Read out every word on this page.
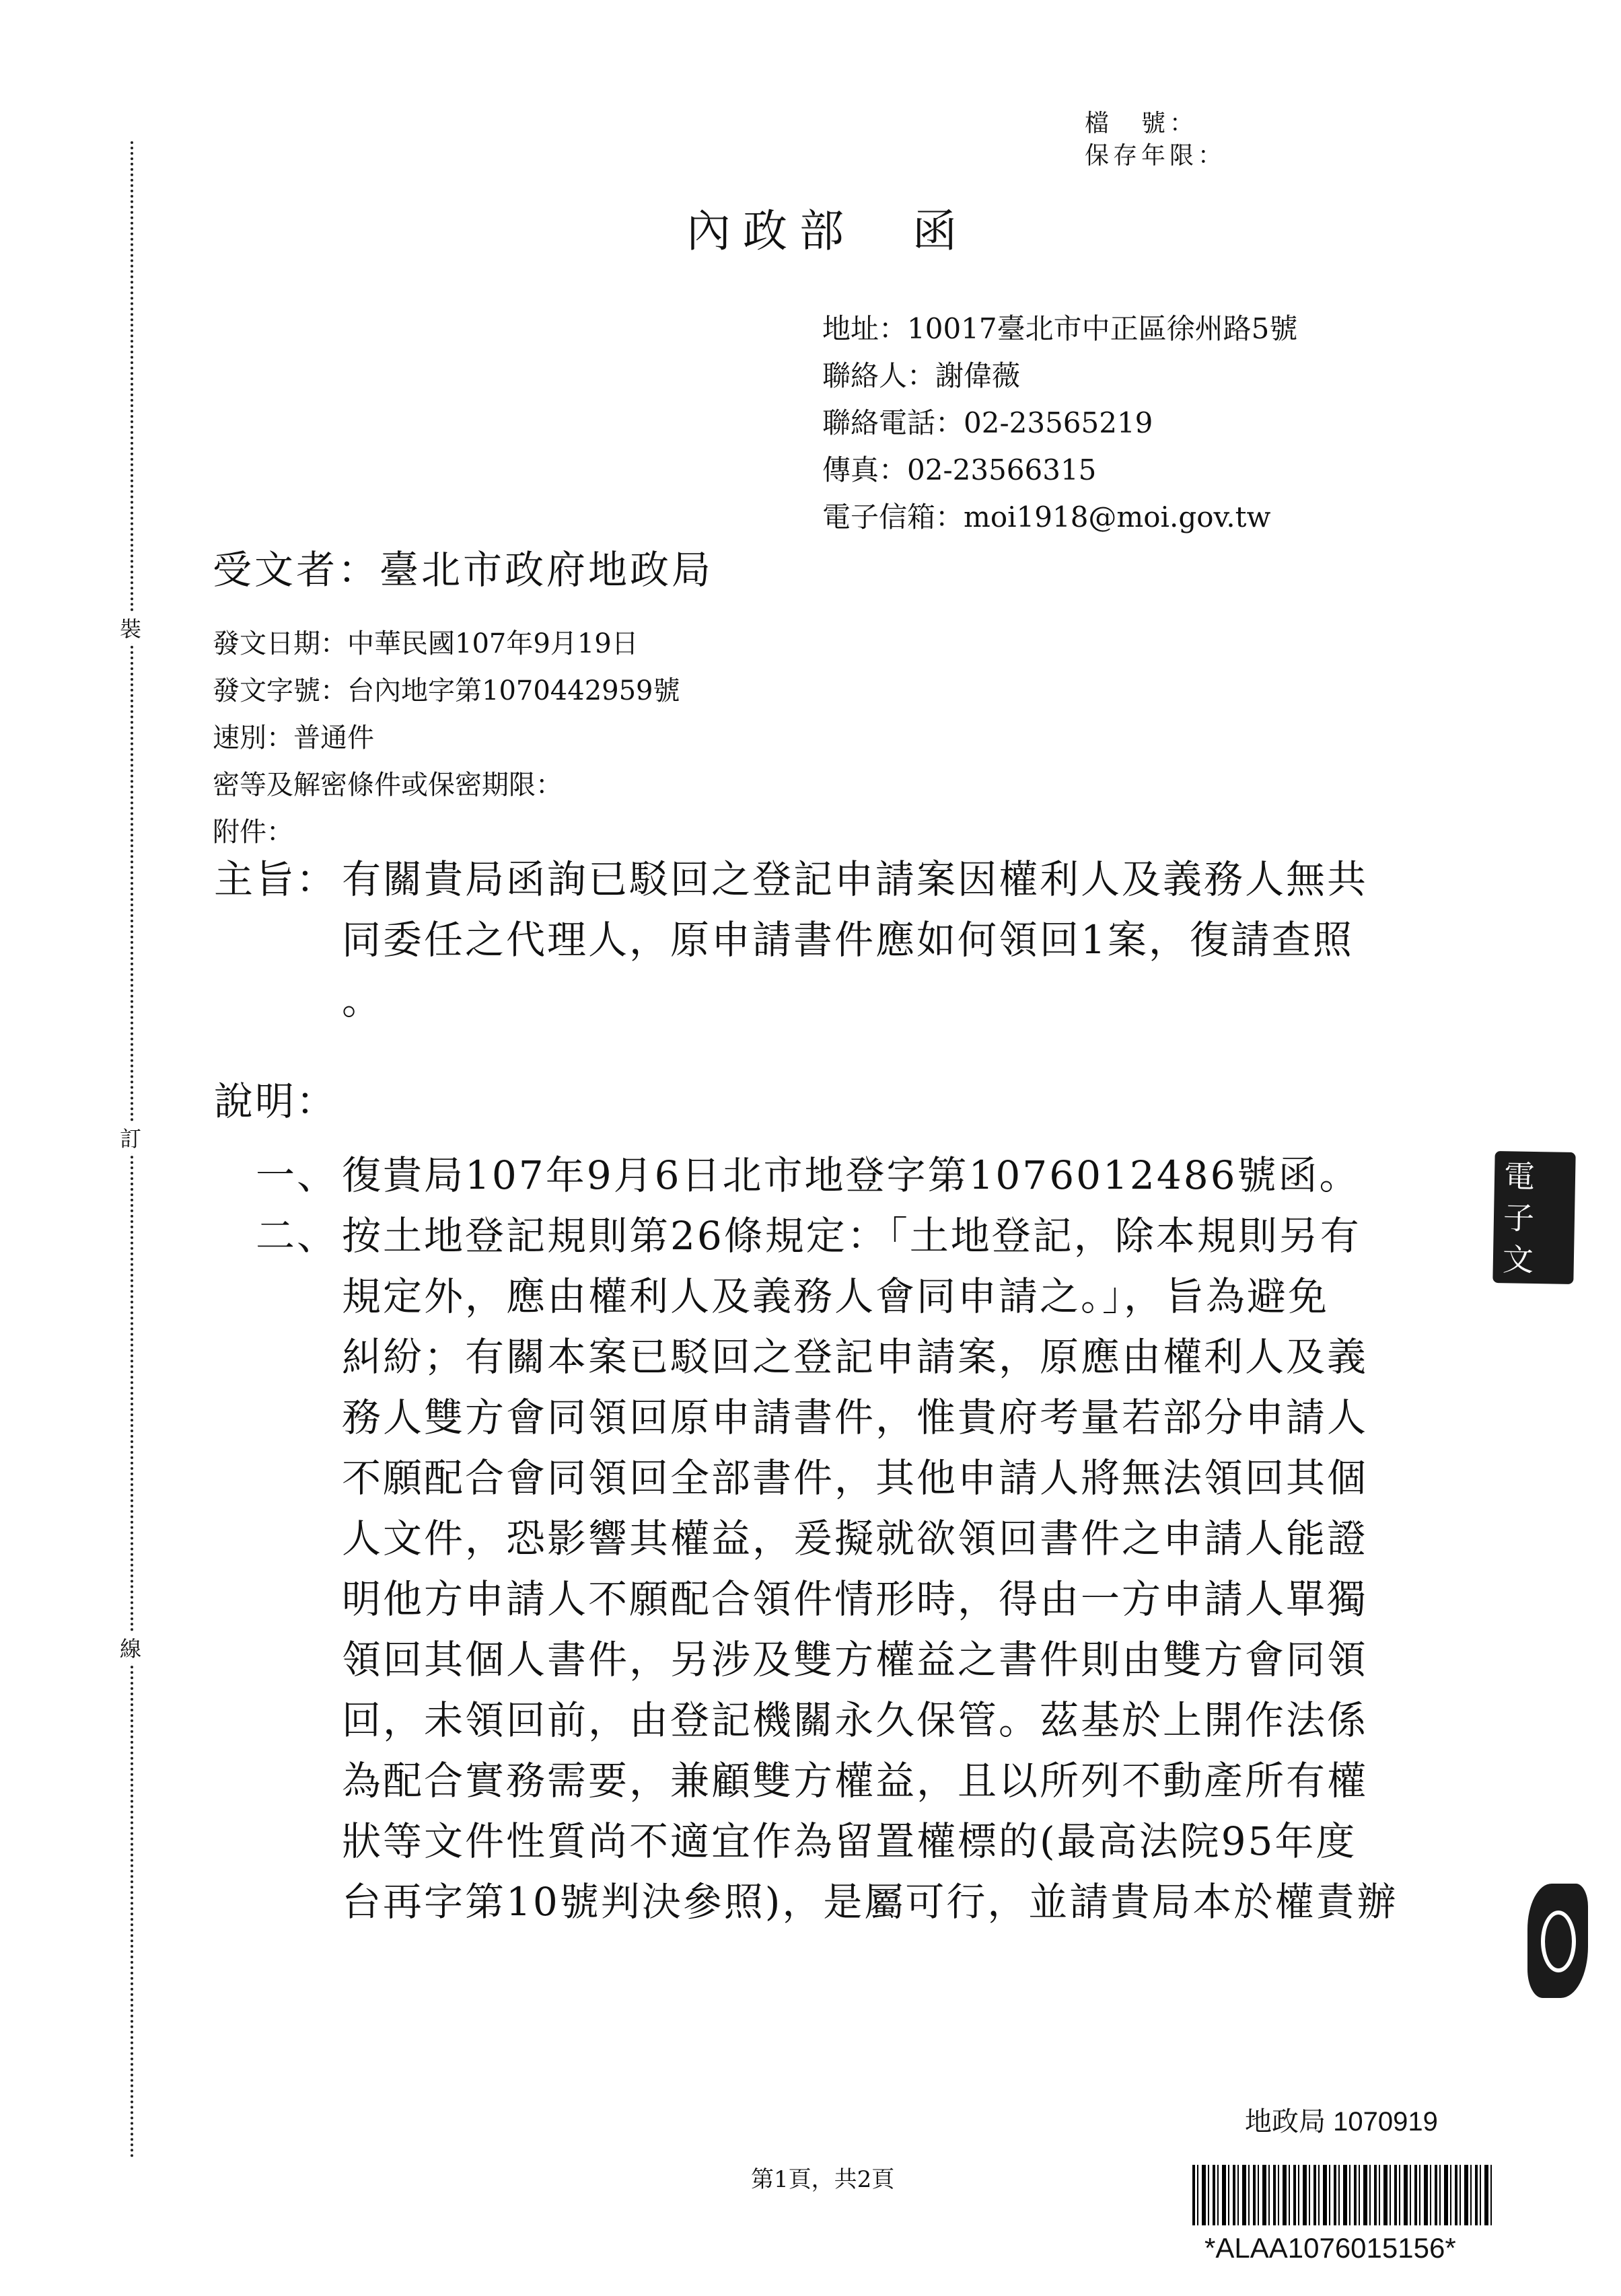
裝
訂
線
檔　號：
保存年限：
內政部　函
地址：10017臺北市中正區徐州路5號
聯絡人：謝偉薇
聯絡電話：02-23565219
傳真：02-23566315
電子信箱：moi1918@moi.gov.tw
受文者：臺北市政府地政局
發文日期：中華民國107年9月19日
發文字號：台內地字第1070442959號
速別：普通件
密等及解密條件或保密期限：
附件：
主旨： 有關貴局函詢已駁回之登記申請案因權利人及義務人無共
同委任之代理人，原申請書件應如何領回1案，復請查照
。
說明：
一、 復貴局107年9月6日北市地登字第1076012486號函。
二、 按土地登記規則第26條規定：「土地登記，除本規則另有
規定外，應由權利人及義務人會同申請之。」，旨為避免
糾紛；有關本案已駁回之登記申請案，原應由權利人及義
務人雙方會同領回原申請書件，惟貴府考量若部分申請人
不願配合會同領回全部書件，其他申請人將無法領回其個
人文件，恐影響其權益，爰擬就欲領回書件之申請人能證
明他方申請人不願配合領件情形時，得由一方申請人單獨
領回其個人書件，另涉及雙方權益之書件則由雙方會同領
回，未領回前，由登記機關永久保管。茲基於上開作法係
為配合實務需要，兼顧雙方權益，且以所列不動產所有權
狀等文件性質尚不適宜作為留置權標的(最高法院95年度
台再字第10號判決參照)，是屬可行，並請貴局本於權責辦
電
子
文
地政局 1070919
*ALAA1076015156*
第1頁，共2頁
